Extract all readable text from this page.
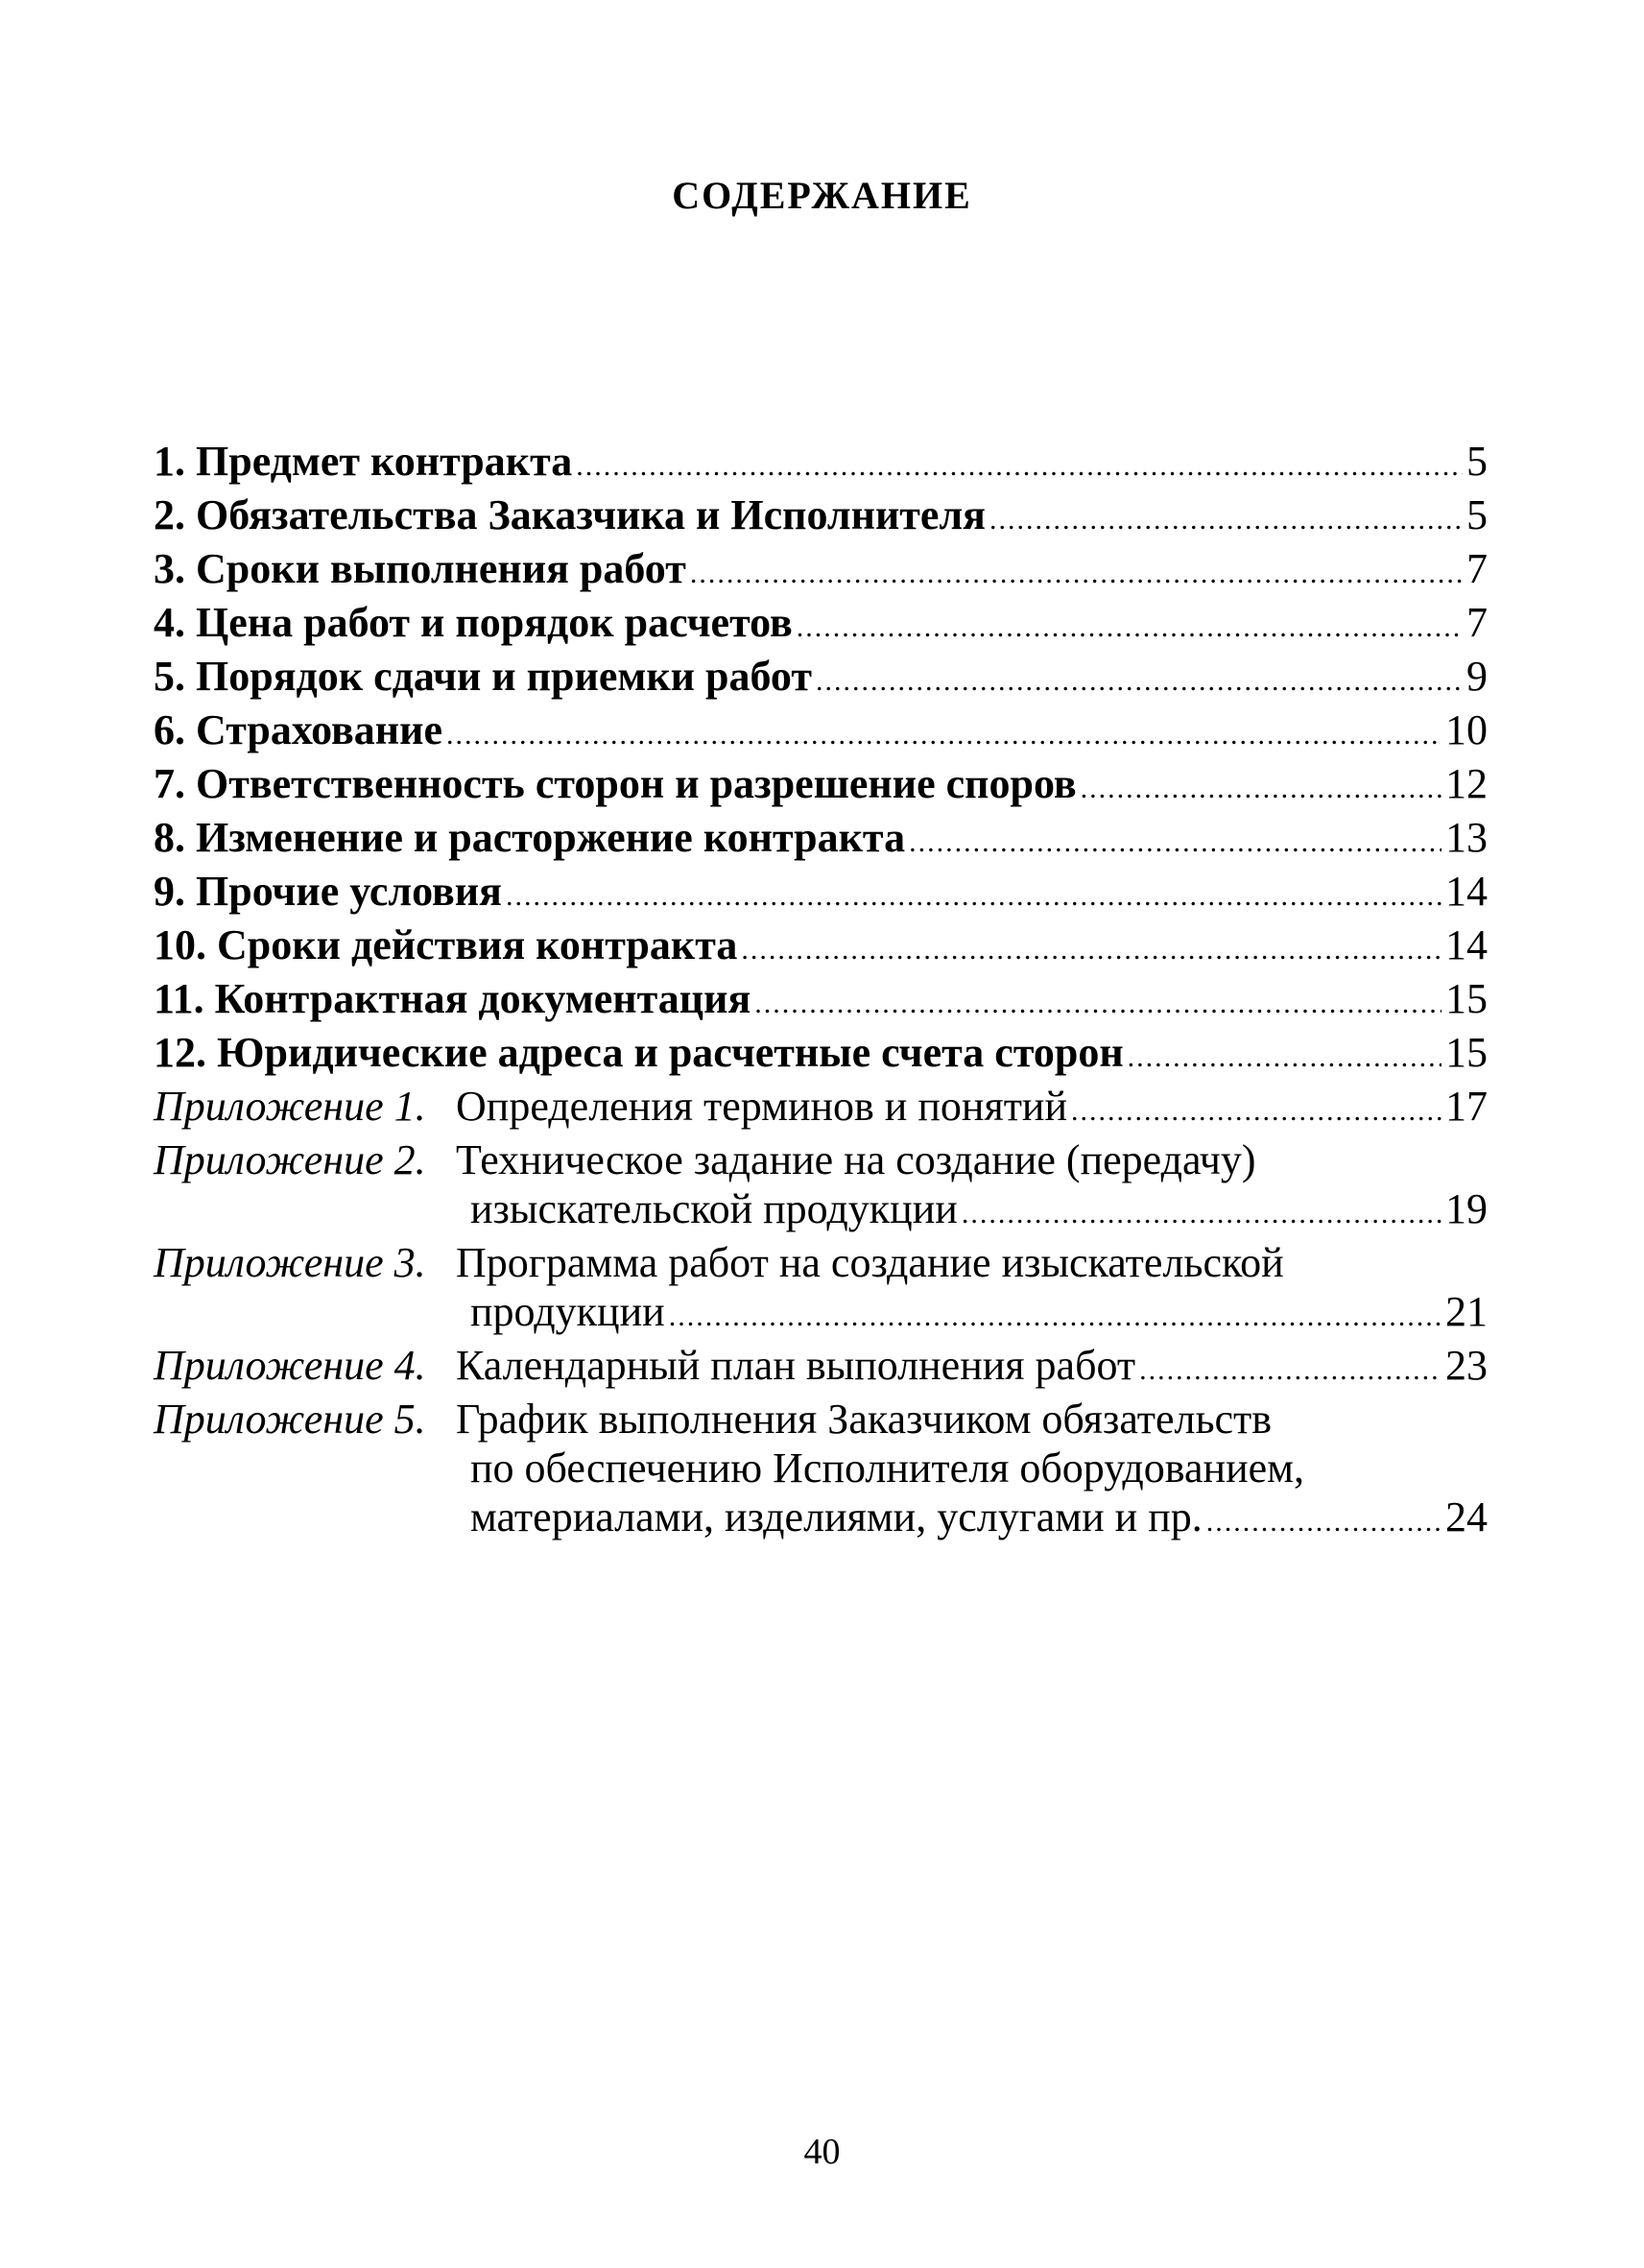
СОДЕРЖАНИЕ
1. Предмет контракта .....	5
2. Обязательства Заказчика и Исполнителя .....	5
3. Сроки выполнения работ .....	7
4. Цена работ и порядок расчетов .....	7
5. Порядок сдачи и приемки работ .....	9
6. Страхование .....	10
7. Ответственность сторон и разрешение споров .....	12
8. Изменение и расторжение контракта .....	13
9. Прочие условия .....	14
10. Сроки действия контракта .....	14
11. Контрактная документация .....	15
12. Юридические адреса и расчетные счета сторон .....	15
Приложение 1. Определения терминов и понятий .....	17
Приложение 2. Техническое задание на создание (передачу)
изыскательской продукции .....	19
Приложение 3. Программа работ на создание изыскательской
продукции .....	21
Приложение 4. Календарный план выполнения работ .....	23
Приложение 5. График выполнения Заказчиком обязательств
по обеспечению Исполнителя оборудованием,
материалами, изделиями, услугами и пр. .....	24
40
